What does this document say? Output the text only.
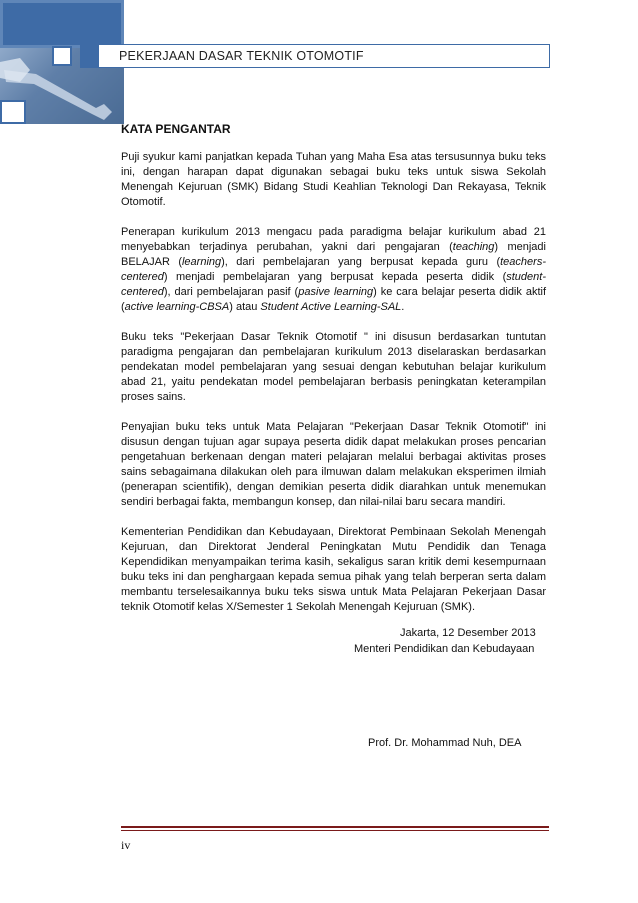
PEKERJAAN DASAR TEKNIK OTOMOTIF
KATA PENGANTAR

Puji syukur kami panjatkan kepada Tuhan yang Maha Esa atas tersusunnya buku teks ini, dengan harapan dapat digunakan sebagai buku teks untuk siswa Sekolah Menengah Kejuruan (SMK) Bidang Studi Keahlian Teknologi Dan Rekayasa, Teknik Otomotif.

Penerapan kurikulum 2013 mengacu pada paradigma belajar kurikulum abad 21 menyebabkan terjadinya perubahan, yakni dari pengajaran (teaching) menjadi BELAJAR (learning), dari pembelajaran yang berpusat kepada guru (teachers-centered) menjadi pembelajaran yang berpusat kepada peserta didik (student-centered), dari pembelajaran pasif (pasive learning) ke cara belajar peserta didik aktif (active learning-CBSA) atau Student Active Learning-SAL.

Buku teks "Pekerjaan Dasar Teknik Otomotif " ini disusun berdasarkan tuntutan paradigma pengajaran dan pembelajaran kurikulum 2013 diselaraskan berdasarkan pendekatan model pembelajaran yang sesuai dengan kebutuhan belajar kurikulum abad 21, yaitu pendekatan model pembelajaran berbasis peningkatan keterampilan proses sains.

Penyajian buku teks untuk Mata Pelajaran "Pekerjaan Dasar Teknik Otomotif" ini disusun dengan tujuan agar supaya peserta didik dapat melakukan proses pencarian pengetahuan berkenaan dengan materi pelajaran melalui berbagai aktivitas proses sains sebagaimana dilakukan oleh para ilmuwan dalam melakukan eksperimen ilmiah (penerapan scientifik), dengan demikian peserta didik diarahkan untuk menemukan sendiri berbagai fakta, membangun konsep, dan nilai-nilai baru secara mandiri.

Kementerian Pendidikan dan Kebudayaan, Direktorat Pembinaan Sekolah Menengah Kejuruan, dan Direktorat Jenderal Peningkatan Mutu Pendidik dan Tenaga Kependidikan menyampaikan terima kasih, sekaligus saran kritik demi kesempurnaan buku teks ini dan penghargaan kepada semua pihak yang telah berperan serta dalam membantu terselesaikannya buku teks siswa untuk Mata Pelajaran Pekerjaan Dasar teknik Otomotif kelas X/Semester 1 Sekolah Menengah Kejuruan (SMK).

Jakarta, 12 Desember 2013
Menteri Pendidikan dan Kebudayaan
Prof. Dr. Mohammad Nuh, DEA
iv
